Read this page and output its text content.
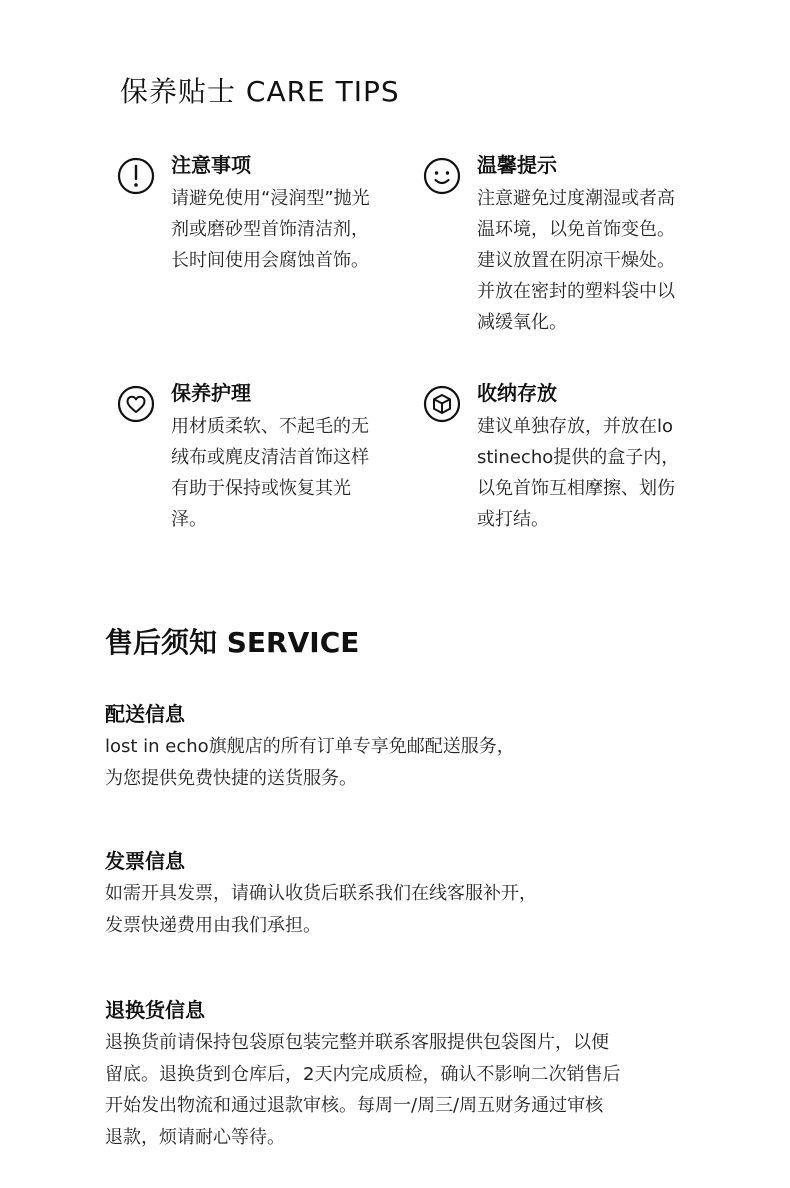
保养贴士 CARE TIPS
注意事项

请避免使用“浸润型”抛光剂或磨砂型首饰清洁剂，长时间使用会腐蚀首饰。

温馨提示

注意避免过度潮湿或者高温环境，以免首饰变色。建议放置在阴凉干燥处。并放在密封的塑料袋中以减缓氧化。

保养护理

用材质柔软、不起毛的无绒布或麂皮清洁首饰这样有助于保持或恢复其光泽。

收纳存放

建议单独存放，并放在lostinecho提供的盒子内，以免首饰互相摩擦、划伤或打结。

售后须知 SERVICE
配送信息

lost in echo旗舰店的所有订单专享免邮配送服务，

为您提供免费快捷的送货服务。

发票信息

如需开具发票，请确认收货后联系我们在线客服补开，

发票快递费用由我们承担。

退换货信息

退换货前请保持包袋原包装完整并联系客服提供包袋图片，以便

留底。退换货到仓库后，2天内完成质检，确认不影响二次销售后

开始发出物流和通过退款审核。每周一/周三/周五财务通过审核

退款，烦请耐心等待。
